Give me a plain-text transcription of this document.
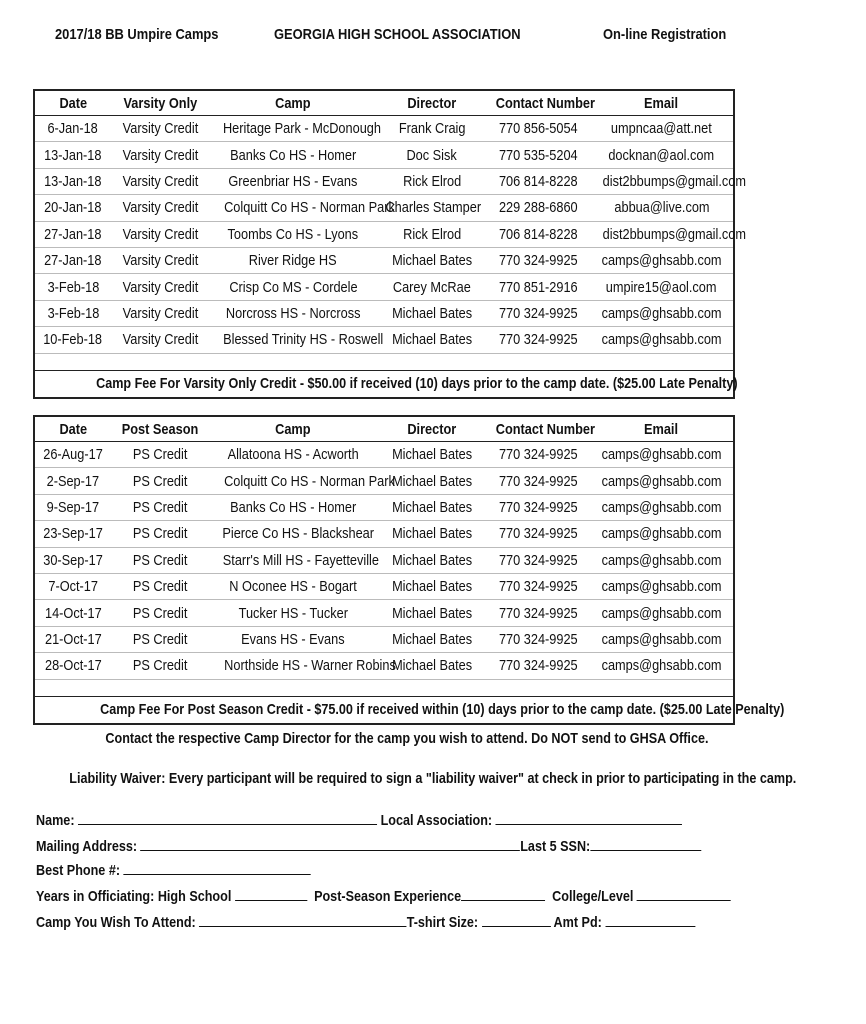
2017/18 BB Umpire Camps	GEORGIA HIGH SCHOOL ASSOCIATION	On-line Registration
Date	Varsity Only	Camp	Director	Contact Number	Email
6-Jan-18	Varsity Credit	Heritage Park - McDonough	Frank Craig	770 856-5054	umpncaa@att.net
13-Jan-18	Varsity Credit	Banks Co HS - Homer	Doc Sisk	770 535-5204	docknan@aol.com
13-Jan-18	Varsity Credit	Greenbriar HS - Evans	Rick Elrod	706 814-8228	dist2bbumps@gmail.com
20-Jan-18	Varsity Credit	Colquitt Co HS - Norman Park	Charles Stamper	229 288-6860	abbua@live.com
27-Jan-18	Varsity Credit	Toombs Co HS - Lyons	Rick Elrod	706 814-8228	dist2bbumps@gmail.com
27-Jan-18	Varsity Credit	River Ridge HS	Michael Bates	770 324-9925	camps@ghsabb.com
3-Feb-18	Varsity Credit	Crisp Co MS - Cordele	Carey McRae	770 851-2916	umpire15@aol.com
3-Feb-18	Varsity Credit	Norcross HS - Norcross	Michael Bates	770 324-9925	camps@ghsabb.com
10-Feb-18	Varsity Credit	Blessed Trinity HS - Roswell	Michael Bates	770 324-9925	camps@ghsabb.com

Camp Fee For Varsity Only Credit - $50.00 if received (10) days prior to the camp date. ($25.00 Late Penalty)
Date	Post Season	Camp	Director	Contact Number	Email
26-Aug-17	PS Credit	Allatoona HS - Acworth	Michael Bates	770 324-9925	camps@ghsabb.com
2-Sep-17	PS Credit	Colquitt Co HS - Norman Park	Michael Bates	770 324-9925	camps@ghsabb.com
9-Sep-17	PS Credit	Banks Co HS - Homer	Michael Bates	770 324-9925	camps@ghsabb.com
23-Sep-17	PS Credit	Pierce Co HS - Blackshear	Michael Bates	770 324-9925	camps@ghsabb.com
30-Sep-17	PS Credit	Starr's Mill HS - Fayetteville	Michael Bates	770 324-9925	camps@ghsabb.com
7-Oct-17	PS Credit	N Oconee HS - Bogart	Michael Bates	770 324-9925	camps@ghsabb.com
14-Oct-17	PS Credit	Tucker HS - Tucker	Michael Bates	770 324-9925	camps@ghsabb.com
21-Oct-17	PS Credit	Evans HS - Evans	Michael Bates	770 324-9925	camps@ghsabb.com
28-Oct-17	PS Credit	Northside HS - Warner Robins	Michael Bates	770 324-9925	camps@ghsabb.com

Camp Fee For Post Season Credit - $75.00 if received within (10) days prior to the camp date. ($25.00 Late Penalty)
Contact the respective Camp Director for the camp you wish to attend. Do NOT send to GHSA Office.
Liability Waiver: Every participant will be required to sign a "liability waiver" at check in prior to participating in the camp.
Name:	Local Association:
Mailing Address:	Last 5 SSN:
Best Phone #:
Years in Officiating: High School	Post-Season Experience	College/Level
Camp You Wish To Attend:	T-shirt Size:	Amt Pd:
